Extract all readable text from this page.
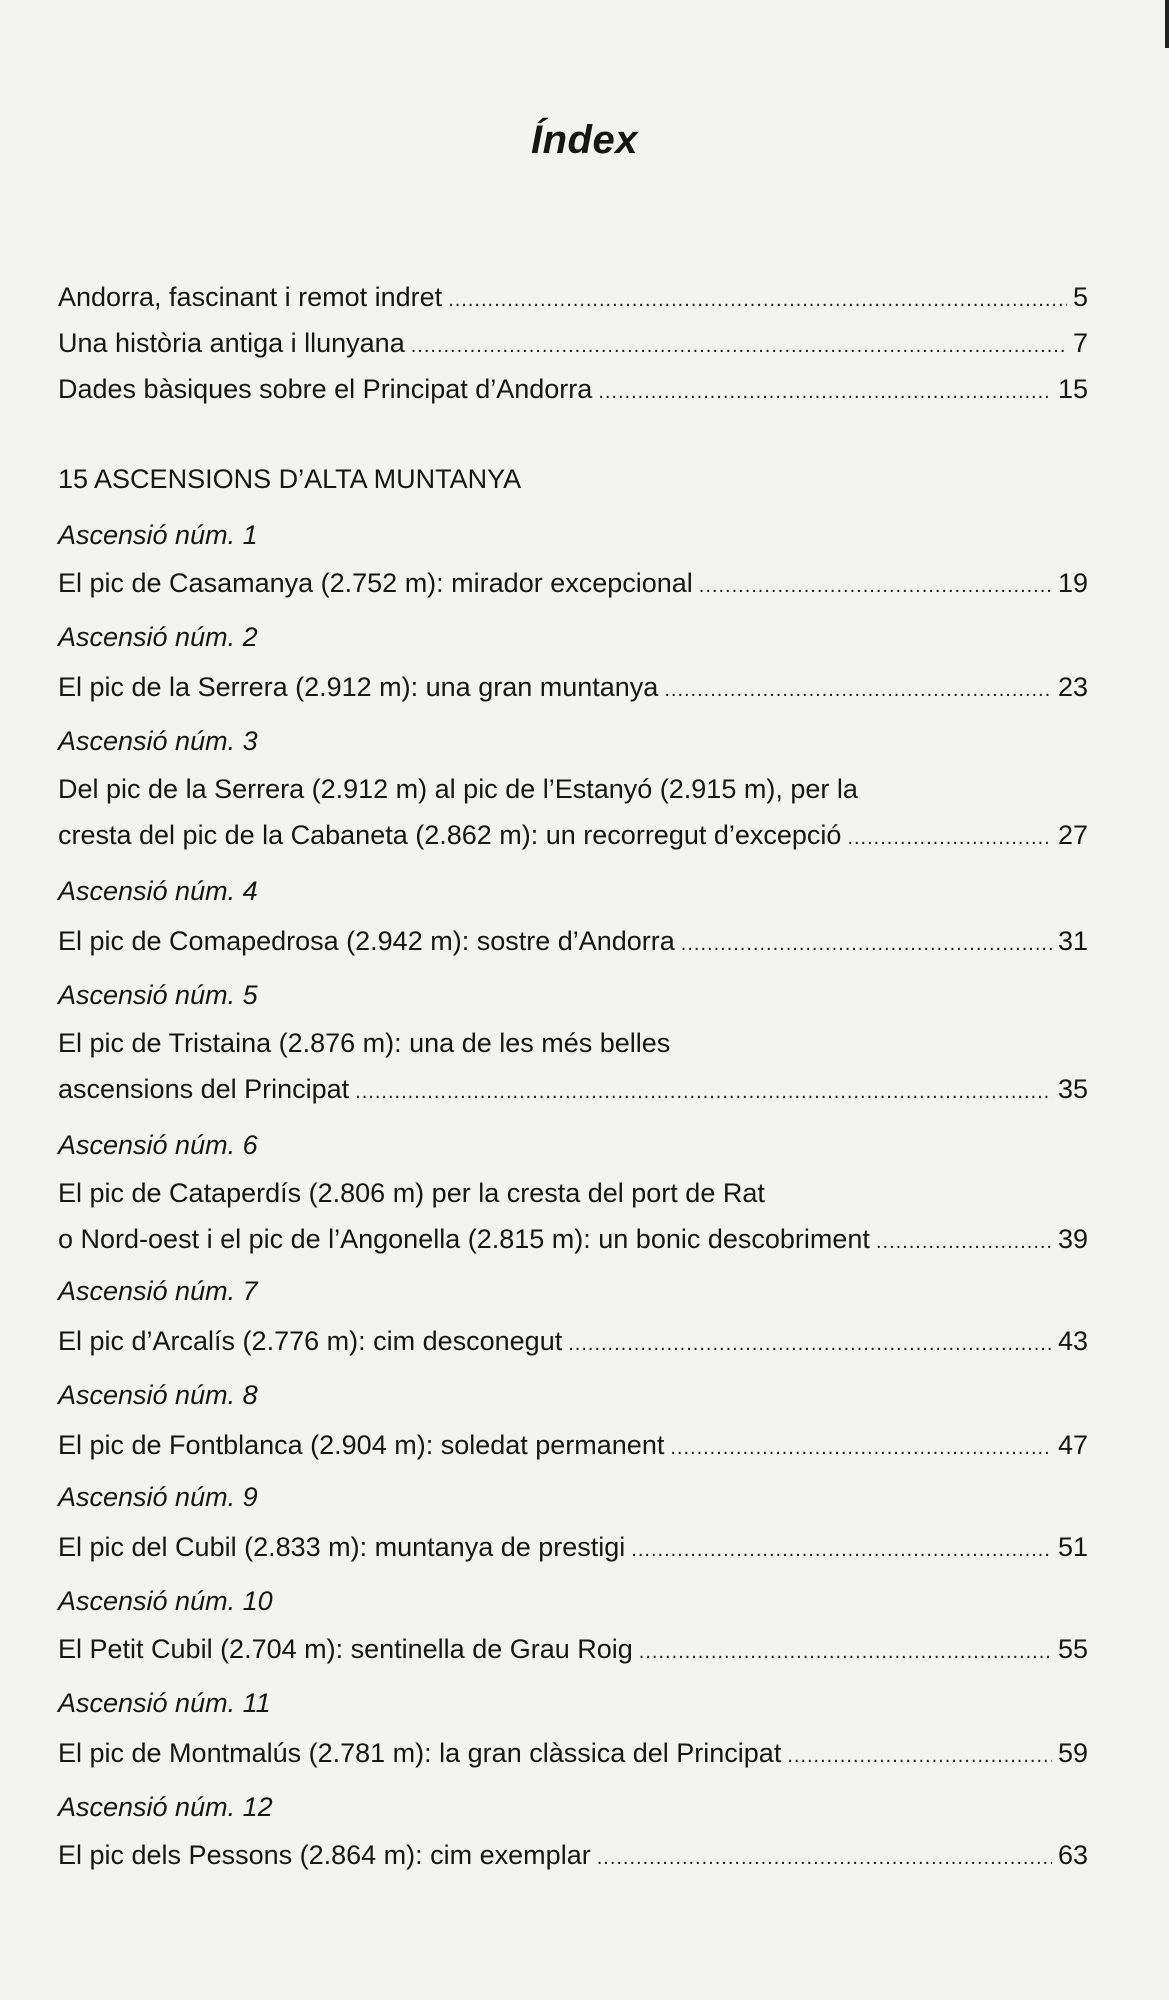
Índex
Andorra, fascinant i remot indret .....	5
Una història antiga i llunyana .....	7
Dades bàsiques sobre el Principat d’Andorra .....	15
15 ASCENSIONS D’ALTA MUNTANYA
Ascensió núm. 1
El pic de Casamanya (2.752 m): mirador excepcional .....	19
Ascensió núm. 2
El pic de la Serrera (2.912 m): una gran muntanya .....	23
Ascensió núm. 3
Del pic de la Serrera (2.912 m) al pic de l’Estanyó (2.915 m), per la
cresta del pic de la Cabaneta (2.862 m): un recorregut d’excepció .....	27
Ascensió núm. 4
El pic de Comapedrosa (2.942 m): sostre d’Andorra .....	31
Ascensió núm. 5
El pic de Tristaina (2.876 m): una de les més belles
ascensions del Principat .....	35
Ascensió núm. 6
El pic de Cataperdís (2.806 m) per la cresta del port de Rat
o Nord-oest i el pic de l’Angonella (2.815 m): un bonic descobriment .....	39
Ascensió núm. 7
El pic d’Arcalís (2.776 m): cim desconegut .....	43
Ascensió núm. 8
El pic de Fontblanca (2.904 m): soledat permanent .....	47
Ascensió núm. 9
El pic del Cubil (2.833 m): muntanya de prestigi .....	51
Ascensió núm. 10
El Petit Cubil (2.704 m): sentinella de Grau Roig .....	55
Ascensió núm. 11
El pic de Montmalús (2.781 m): la gran clàssica del Principat .....	59
Ascensió núm. 12
El pic dels Pessons (2.864 m): cim exemplar .....	63
